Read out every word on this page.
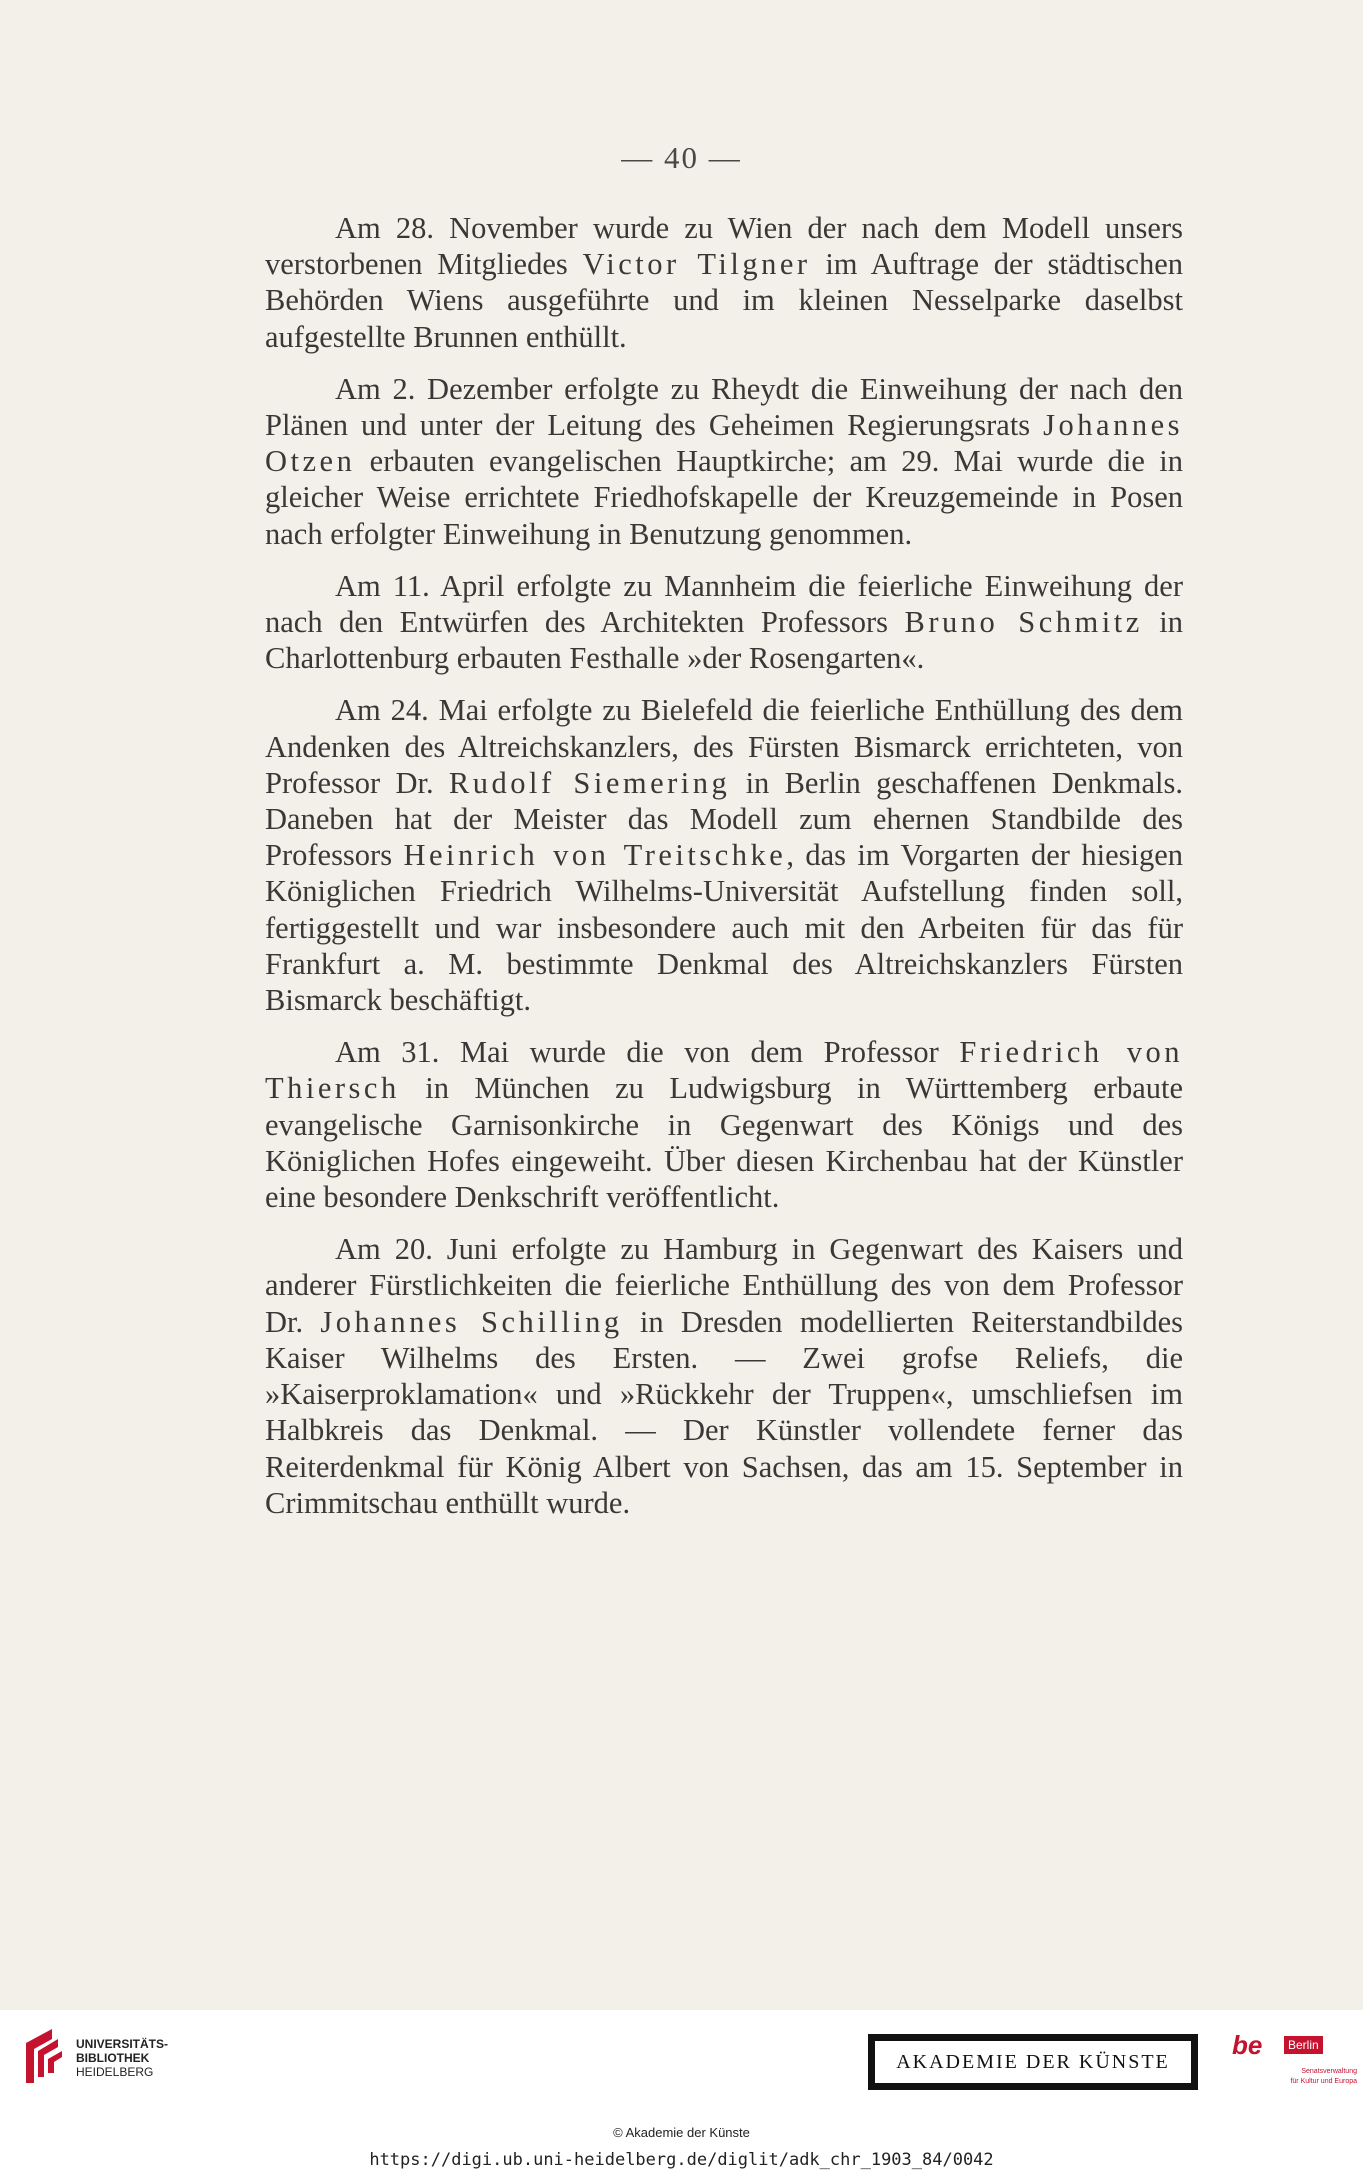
— 40 —

Am 28. November wurde zu Wien der nach dem Modell unsers verstorbenen Mitgliedes Victor Tilgner im Auftrage der städtischen Behörden Wiens ausgeführte und im kleinen Nesselparke daselbst aufgestellte Brunnen enthüllt.

Am 2. Dezember erfolgte zu Rheydt die Einweihung der nach den Plänen und unter der Leitung des Geheimen Regierungsrats Johannes Otzen erbauten evangelischen Hauptkirche; am 29. Mai wurde die in gleicher Weise errichtete Friedhofskapelle der Kreuzgemeinde in Posen nach erfolgter Einweihung in Benutzung genommen.

Am 11. April erfolgte zu Mannheim die feierliche Einweihung der nach den Entwürfen des Architekten Professors Bruno Schmitz in Charlottenburg erbauten Festhalle »der Rosengarten«.

Am 24. Mai erfolgte zu Bielefeld die feierliche Enthüllung des dem Andenken des Altreichskanzlers, des Fürsten Bismarck errichteten, von Professor Dr. Rudolf Siemering in Berlin geschaffenen Denkmals. Daneben hat der Meister das Modell zum ehernen Standbilde des Professors Heinrich von Treitschke, das im Vorgarten der hiesigen Königlichen Friedrich Wilhelms-Universität Aufstellung finden soll, fertiggestellt und war insbesondere auch mit den Arbeiten für das für Frankfurt a. M. bestimmte Denkmal des Altreichskanzlers Fürsten Bismarck beschäftigt.

Am 31. Mai wurde die von dem Professor Friedrich von Thiersch in München zu Ludwigsburg in Württemberg erbaute evangelische Garnisonkirche in Gegenwart des Königs und des Königlichen Hofes eingeweiht. Über diesen Kirchenbau hat der Künstler eine besondere Denkschrift veröffentlicht.

Am 20. Juni erfolgte zu Hamburg in Gegenwart des Kaisers und anderer Fürstlichkeiten die feierliche Enthüllung des von dem Professor Dr. Johannes Schilling in Dresden modellierten Reiterstandbildes Kaiser Wilhelms des Ersten. — Zwei grofse Reliefs, die »Kaiserproklamation« und »Rückkehr der Truppen«, umschliefsen im Halbkreis das Denkmal. — Der Künstler vollendete ferner das Reiterdenkmal für König Albert von Sachsen, das am 15. September in Crimmitschau enthüllt wurde.

UNIVERSITÄTS-
BIBLIOTHEK
HEIDELBERG	AKADEMIE DER KÜNSTE
be	Berlin
Senatsverwaltung
für Kultur und Europa
© Akademie der Künste
https://digi.ub.uni-heidelberg.de/diglit/adk_chr_1903_84/0042
